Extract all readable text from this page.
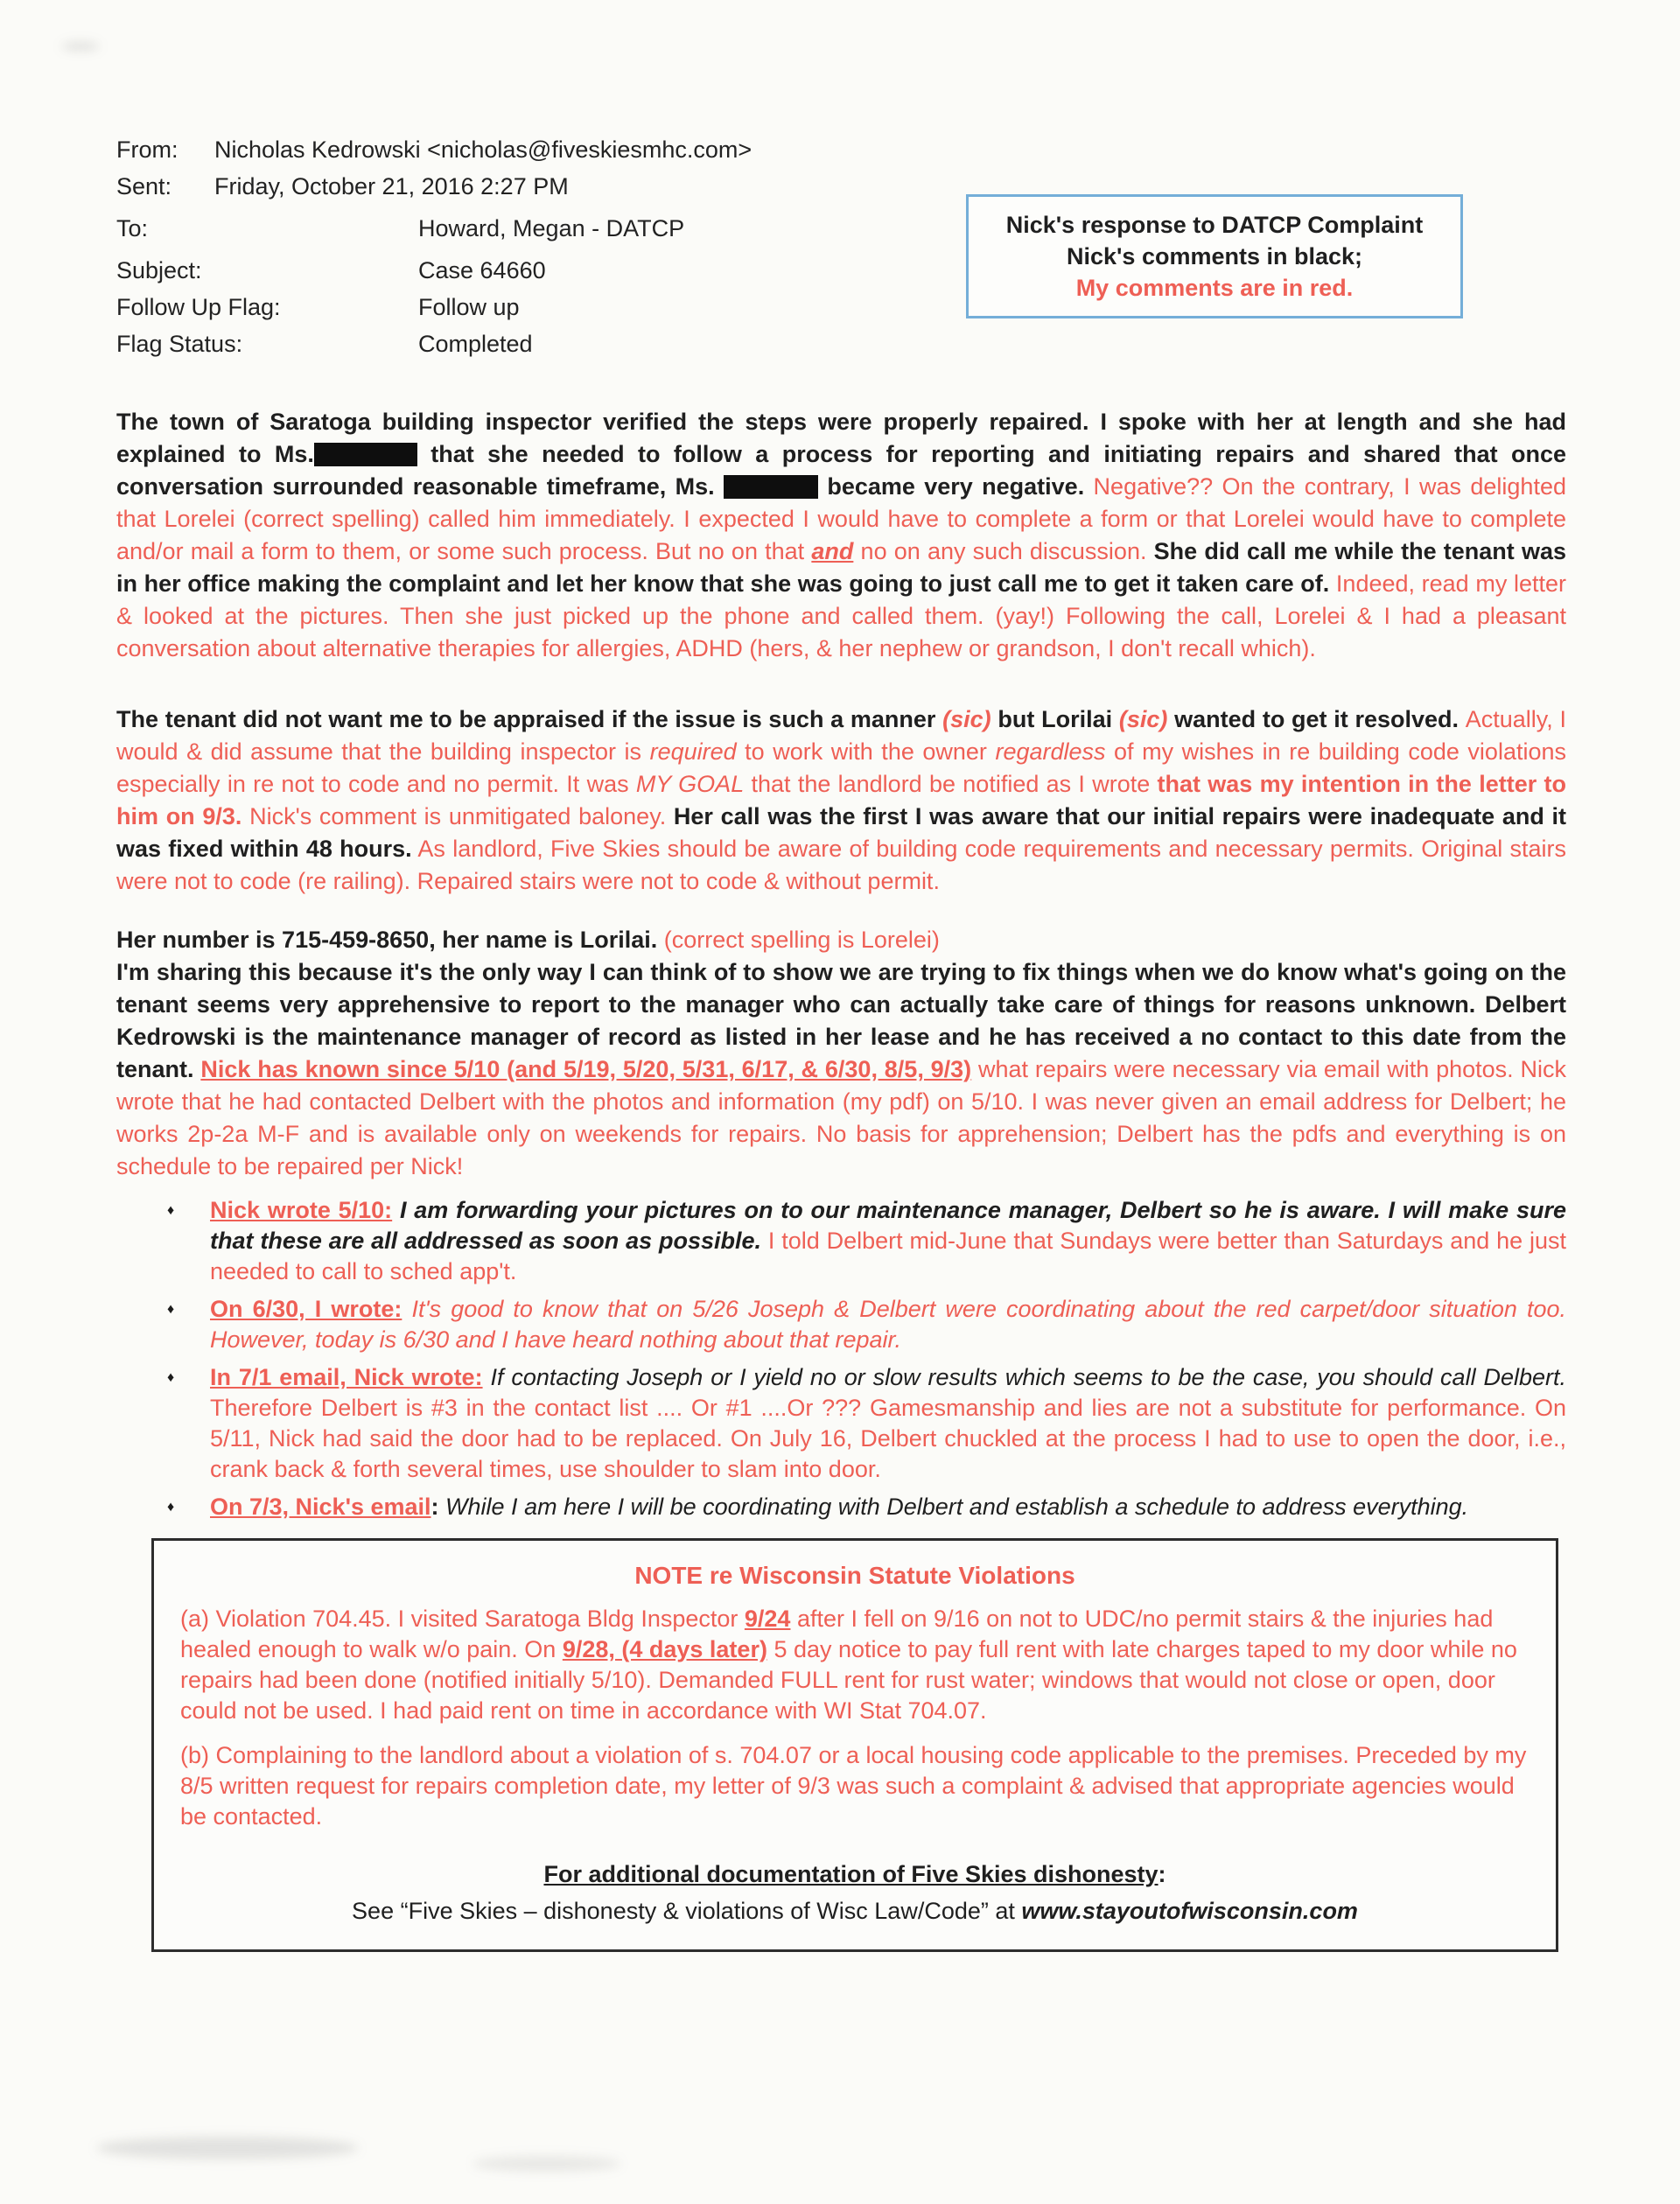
Nick's response to DATCP Complaint
Nick's comments in black;
My comments are in red.
From: Nicholas Kedrowski <nicholas@fiveskiesmhc.com>
Sent: Friday, October 21, 2016 2:27 PM
To:	Howard, Megan - DATCP
Subject:	Case 64660
Follow Up Flag:	Follow up
Flag Status:	Completed
The town of Saratoga building inspector verified the steps were properly repaired. I spoke with her at length and she had explained to Ms.	that she needed to follow a process for reporting and initiating repairs and shared that once conversation surrounded reasonable timeframe, Ms.	became very negative. Negative?? On the contrary, I was delighted that Lorelei (correct spelling) called him immediately. I expected I would have to complete a form or that Lorelei would have to complete and/or mail a form to them, or some such process. But no on that and no on any such discussion. She did call me while the tenant was in her office making the complaint and let her know that she was going to just call me to get it taken care of. Indeed, read my letter & looked at the pictures. Then she just picked up the phone and called them. (yay!) Following the call, Lorelei & I had a pleasant conversation about alternative therapies for allergies, ADHD (hers, & her nephew or grandson, I don't recall which).
The tenant did not want me to be appraised if the issue is such a manner (sic) but Lorilai (sic) wanted to get it resolved. Actually, I would & did assume that the building inspector is required to work with the owner regardless of my wishes in re building code violations especially in re not to code and no permit. It was MY GOAL that the landlord be notified as I wrote that was my intention in the letter to him on 9/3. Nick's comment is unmitigated baloney. Her call was the first I was aware that our initial repairs were inadequate and it was fixed within 48 hours. As landlord, Five Skies should be aware of building code requirements and necessary permits. Original stairs were not to code (re railing). Repaired stairs were not to code & without permit.
Her number is 715-459-8650, her name is Lorilai. (correct spelling is Lorelei)
I'm sharing this because it's the only way I can think of to show we are trying to fix things when we do know what's going on the tenant seems very apprehensive to report to the manager who can actually take care of things for reasons unknown. Delbert Kedrowski is the maintenance manager of record as listed in her lease and he has received a no contact to this date from the tenant. Nick has known since 5/10 (and 5/19, 5/20, 5/31, 6/17, & 6/30, 8/5, 9/3) what repairs were necessary via email with photos. Nick wrote that he had contacted Delbert with the photos and information (my pdf) on 5/10. I was never given an email address for Delbert; he works 2p-2a M-F and is available only on weekends for repairs. No basis for apprehension; Delbert has the pdfs and everything is on schedule to be repaired per Nick!
♦	Nick wrote 5/10: I am forwarding your pictures on to our maintenance manager, Delbert so he is aware. I will make sure that these are all addressed as soon as possible. I told Delbert mid-June that Sundays were better than Saturdays and he just needed to call to sched app't.
♦	On 6/30, I wrote: It's good to know that on 5/26 Joseph & Delbert were coordinating about the red carpet/door situation too. However, today is 6/30 and I have heard nothing about that repair.
♦	In 7/1 email, Nick wrote: If contacting Joseph or I yield no or slow results which seems to be the case, you should call Delbert. Therefore Delbert is #3 in the contact list .... Or #1 ....Or ??? Gamesmanship and lies are not a substitute for performance. On 5/11, Nick had said the door had to be replaced. On July 16, Delbert chuckled at the process I had to use to open the door, i.e., crank back & forth several times, use shoulder to slam into door.
♦	On 7/3, Nick's email: While I am here I will be coordinating with Delbert and establish a schedule to address everything.
NOTE re Wisconsin Statute Violations
(a) Violation 704.45. I visited Saratoga Bldg Inspector 9/24 after I fell on 9/16 on not to UDC/no permit stairs & the injuries had healed enough to walk w/o pain. On 9/28, (4 days later) 5 day notice to pay full rent with late charges taped to my door while no repairs had been done (notified initially 5/10). Demanded FULL rent for rust water; windows that would not close or open, door could not be used. I had paid rent on time in accordance with WI Stat 704.07.
(b) Complaining to the landlord about a violation of s. 704.07 or a local housing code applicable to the premises. Preceded by my 8/5 written request for repairs completion date, my letter of 9/3 was such a complaint & advised that appropriate agencies would be contacted.
For additional documentation of Five Skies dishonesty:
See “Five Skies – dishonesty & violations of Wisc Law/Code” at www.stayoutofwisconsin.com
